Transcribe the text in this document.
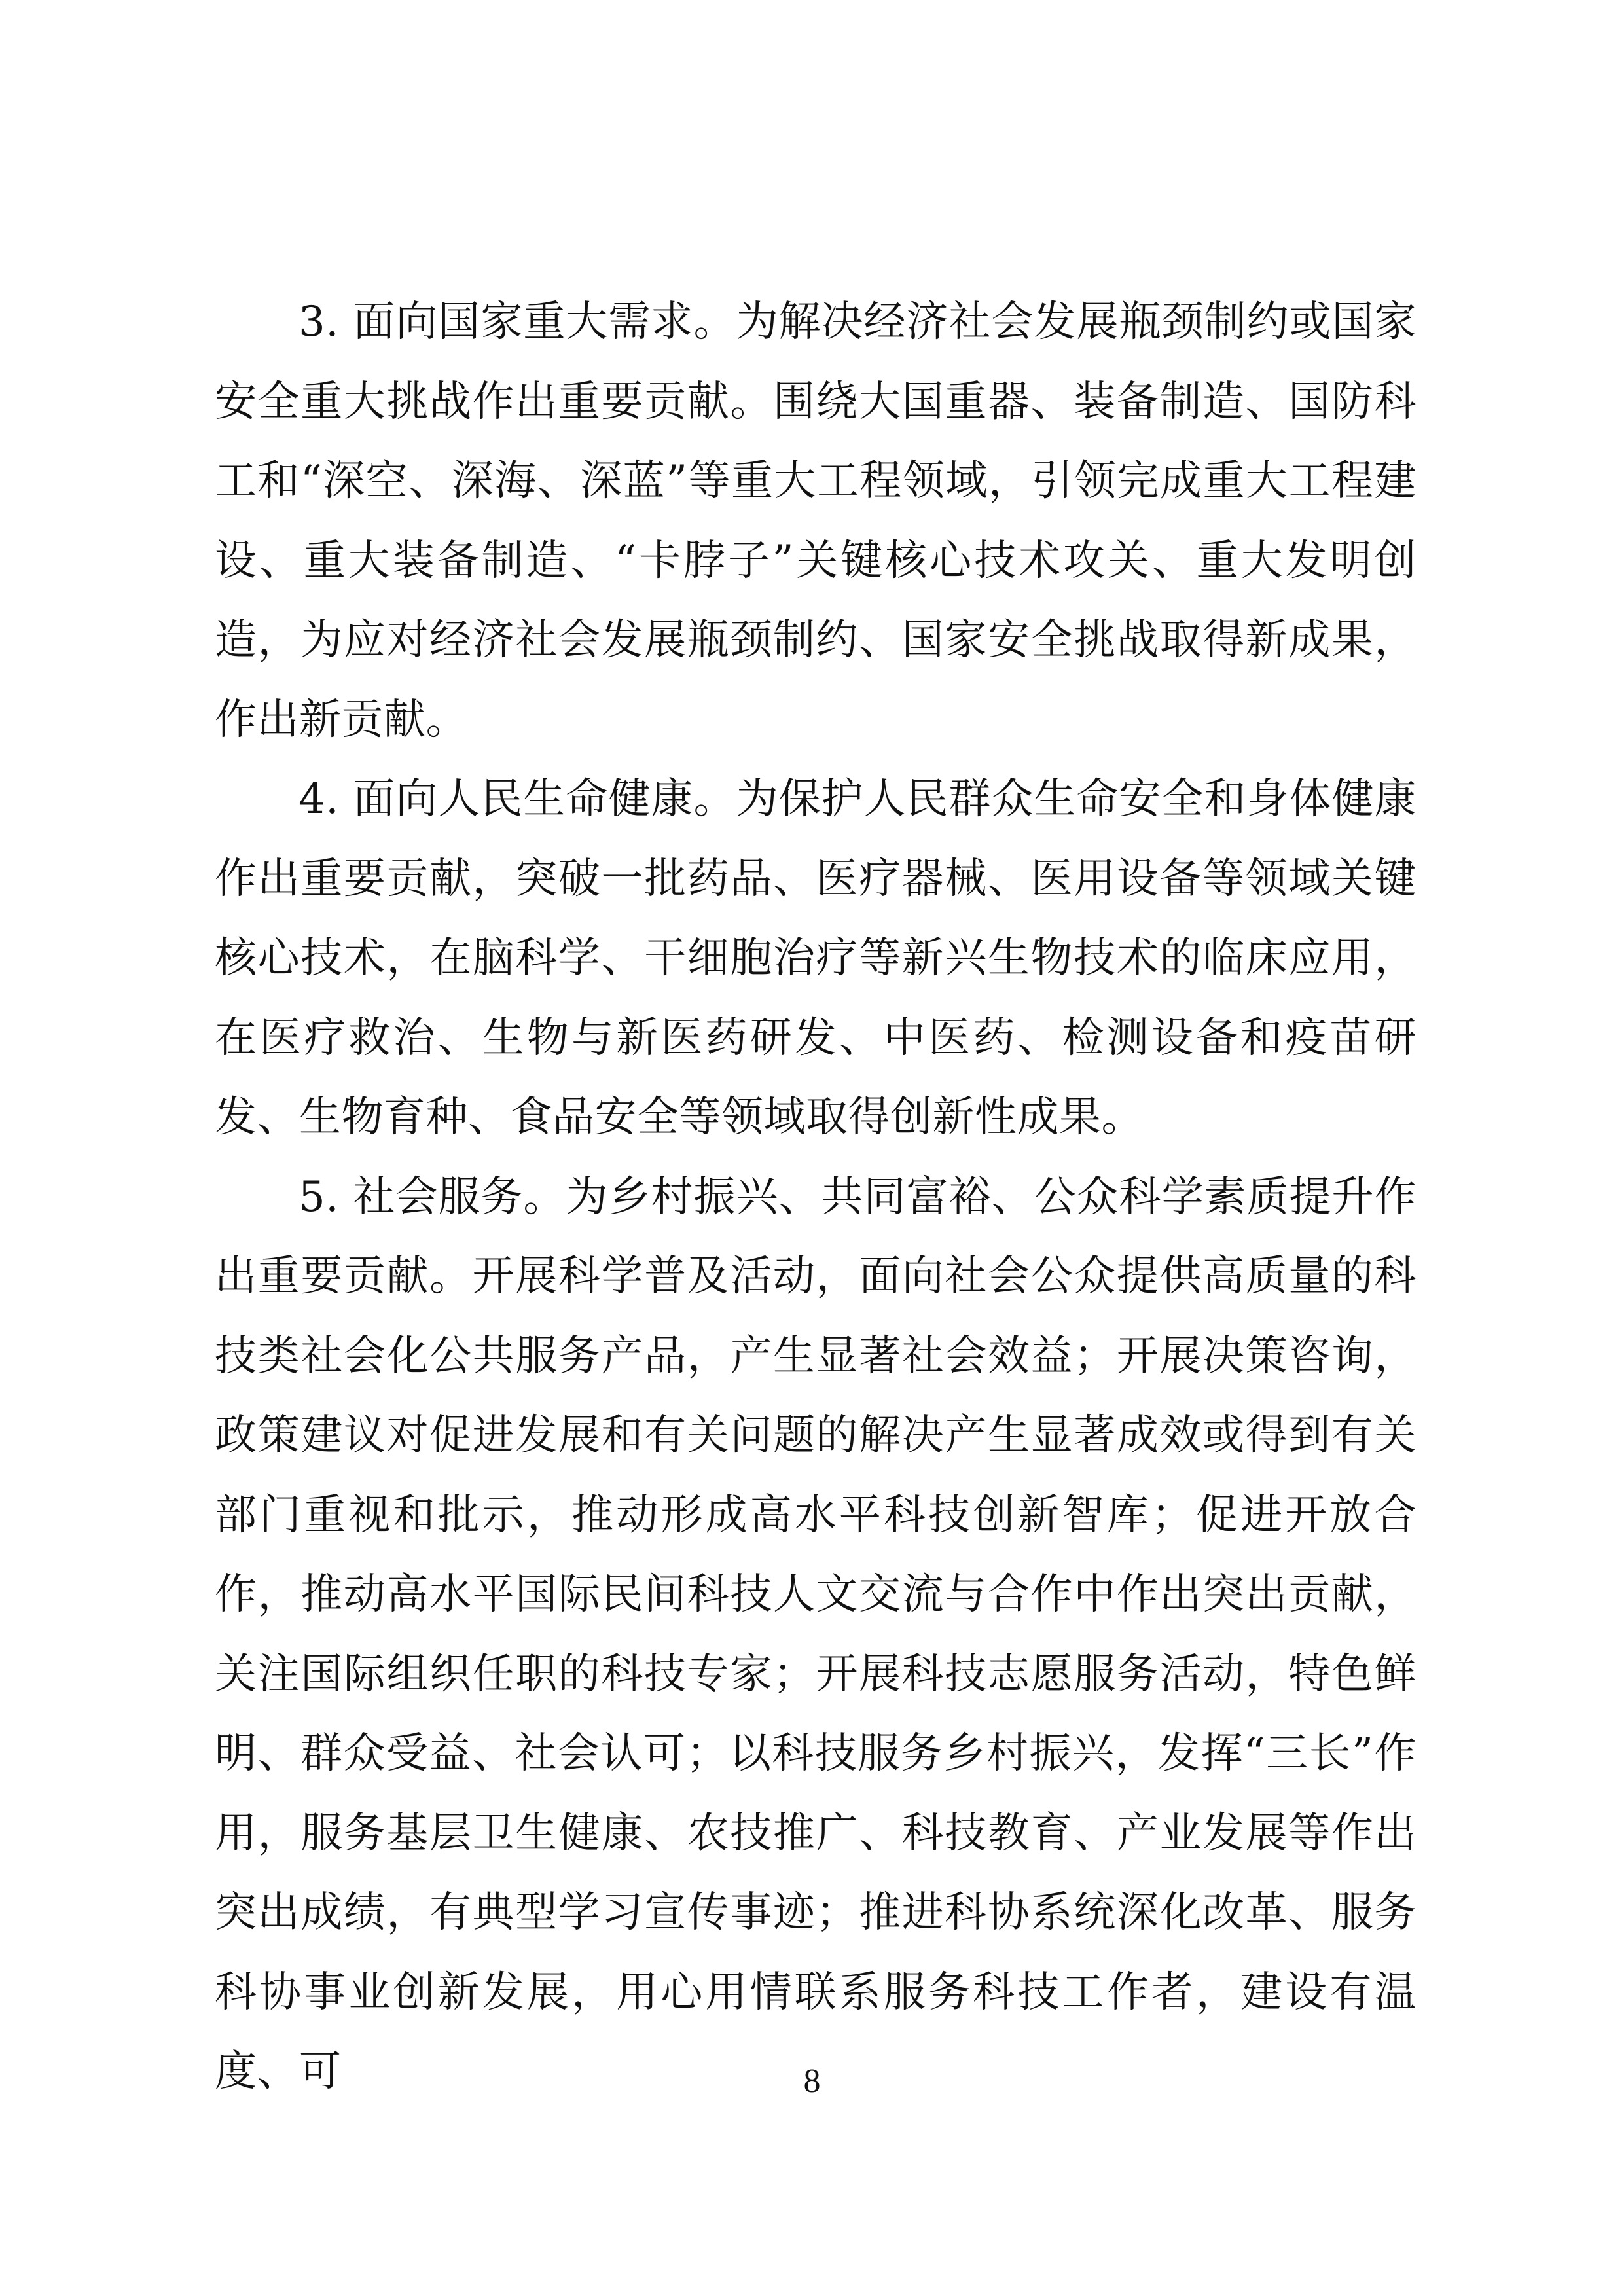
3. 面向国家重大需求。为解决经济社会发展瓶颈制约或国家安全重大挑战作出重要贡献。围绕大国重器、装备制造、国防科工和“深空、深海、深蓝”等重大工程领域，引领完成重大工程建设、重大装备制造、“卡脖子”关键核心技术攻关、重大发明创造，为应对经济社会发展瓶颈制约、国家安全挑战取得新成果，作出新贡献。

4. 面向人民生命健康。为保护人民群众生命安全和身体健康作出重要贡献，突破一批药品、医疗器械、医用设备等领域关键核心技术，在脑科学、干细胞治疗等新兴生物技术的临床应用，在医疗救治、生物与新医药研发、中医药、检测设备和疫苗研发、生物育种、食品安全等领域取得创新性成果。

5. 社会服务。为乡村振兴、共同富裕、公众科学素质提升作出重要贡献。开展科学普及活动，面向社会公众提供高质量的科技类社会化公共服务产品，产生显著社会效益；开展决策咨询，政策建议对促进发展和有关问题的解决产生显著成效或得到有关部门重视和批示，推动形成高水平科技创新智库；促进开放合作，推动高水平国际民间科技人文交流与合作中作出突出贡献，关注国际组织任职的科技专家；开展科技志愿服务活动，特色鲜明、群众受益、社会认可；以科技服务乡村振兴，发挥“三长”作用，服务基层卫生健康、农技推广、科技教育、产业发展等作出突出成绩，有典型学习宣传事迹；推进科协系统深化改革、服务科协事业创新发展，用心用情联系服务科技工作者，建设有温度、可	8
